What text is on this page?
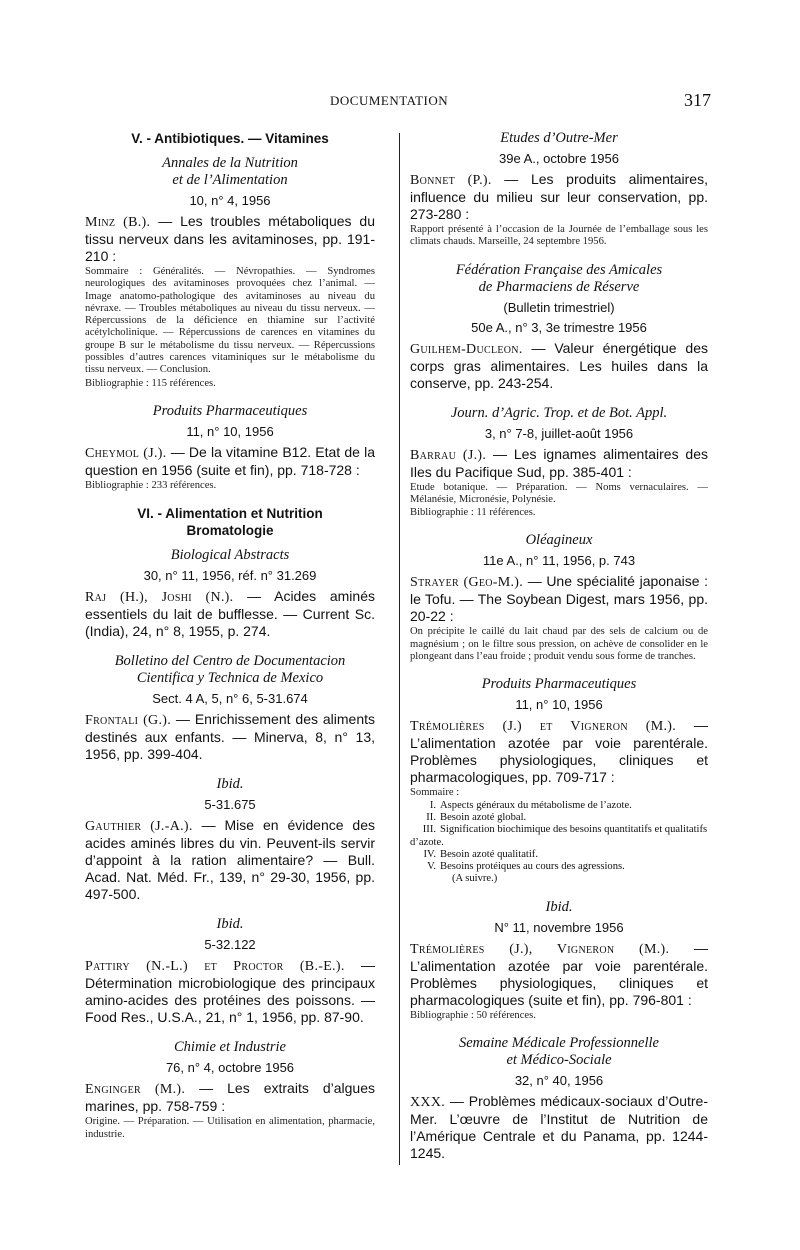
DOCUMENTATION	317
V. - Antibiotiques. — Vitamines
Annales de la Nutrition
et de l’Alimentation
10, n° 4, 1956
Minz (B.). — Les troubles métaboliques du tissu nerveux dans les avitaminoses, pp. 191-210 :
Sommaire : Généralités. — Névropathies. — Syndromes neurologiques des avitaminoses provoquées chez l’animal. — Image anatomo-pathologique des avitaminoses au niveau du névraxe. — Troubles métaboliques au niveau du tissu nerveux. — Répercussions de la déficience en thiamine sur l’activité acétylcholinique. — Répercussions de carences en vitamines du groupe B sur le métabolisme du tissu nerveux. — Répercussions possibles d’autres carences vitaminiques sur le métabolisme du tissu nerveux. — Conclusion.
Bibliographie : 115 références.
Produits Pharmaceutiques
11, n° 10, 1956
Cheymol (J.). — De la vitamine B12. Etat de la question en 1956 (suite et fin), pp. 718-728 :
Bibliographie : 233 références.
VI. - Alimentation et Nutrition
Bromatologie
Biological Abstracts
30, n° 11, 1956, réf. n° 31.269
Raj (H.), Joshi (N.). — Acides aminés essentiels du lait de bufflesse. — Current Sc. (India), 24, n° 8, 1955, p. 274.
Bolletino del Centro de Documentacion
Cientifica y Technica de Mexico
Sect. 4 A, 5, n° 6, 5-31.674
Frontali (G.). — Enrichissement des aliments destinés aux enfants. — Minerva, 8, n° 13, 1956, pp. 399-404.
Ibid.
5-31.675
Gauthier (J.-A.). — Mise en évidence des acides aminés libres du vin. Peuvent-ils servir d’appoint à la ration alimentaire? — Bull. Acad. Nat. Méd. Fr., 139, n° 29-30, 1956, pp. 497-500.
Ibid.
5-32.122
Pattiry (N.-L.) et Proctor (B.-E.). — Détermination microbiologique des principaux amino-acides des protéines des poissons. — Food Res., U.S.A., 21, n° 1, 1956, pp. 87-90.
Chimie et Industrie
76, n° 4, octobre 1956
Enginger (M.). — Les extraits d’algues marines, pp. 758-759 :
Origine. — Préparation. — Utilisation en alimentation, pharmacie, industrie.
Etudes d’Outre-Mer
39e A., octobre 1956
Bonnet (P.). — Les produits alimentaires, influence du milieu sur leur conservation, pp. 273-280 :
Rapport présenté à l’occasion de la Journée de l’emballage sous les climats chauds. Marseille, 24 septembre 1956.
Fédération Française des Amicales
de Pharmaciens de Réserve
(Bulletin trimestriel)
50e A., n° 3, 3e trimestre 1956
Guilhem-Ducleon. — Valeur énergétique des corps gras alimentaires. Les huiles dans la conserve, pp. 243-254.
Journ. d’Agric. Trop. et de Bot. Appl.
3, n° 7-8, juillet-août 1956
Barrau (J.). — Les ignames alimentaires des Iles du Pacifique Sud, pp. 385-401 :
Etude botanique. — Préparation. — Noms vernaculaires. — Mélanésie, Micronésie, Polynésie.
Bibliographie : 11 références.
Oléagineux
11e A., n° 11, 1956, p. 743
Strayer (Geo-M.). — Une spécialité japonaise : le Tofu. — The Soybean Digest, mars 1956, pp. 20-22 :
On précipite le caillé du lait chaud par des sels de calcium ou de magnésium ; on le filtre sous pression, on achève de consolider en le plongeant dans l’eau froide ; produit vendu sous forme de tranches.
Produits Pharmaceutiques
11, n° 10, 1956
Trémolières (J.) et Vigneron (M.). — L’alimentation azotée par voie parentérale. Problèmes physiologiques, cliniques et pharmacologiques, pp. 709-717 :
Sommaire :
I. Aspects généraux du métabolisme de l’azote.
II. Besoin azoté global.
III. Signification biochimique des besoins quantitatifs et qualitatifs d’azote.
IV. Besoin azoté qualitatif.
V. Besoins protéiques au cours des agressions.
(A suivre.)
Ibid.
N° 11, novembre 1956
Trémolières (J.), Vigneron (M.). — L’alimentation azotée par voie parentérale. Problèmes physiologiques, cliniques et pharmacologiques (suite et fin), pp. 796-801 :
Bibliographie : 50 références.
Semaine Médicale Professionnelle
et Médico-Sociale
32, n° 40, 1956
XXX. — Problèmes médicaux-sociaux d’Outre-Mer. L’œuvre de l’Institut de Nutrition de l’Amérique Centrale et du Panama, pp. 1244-1245.
